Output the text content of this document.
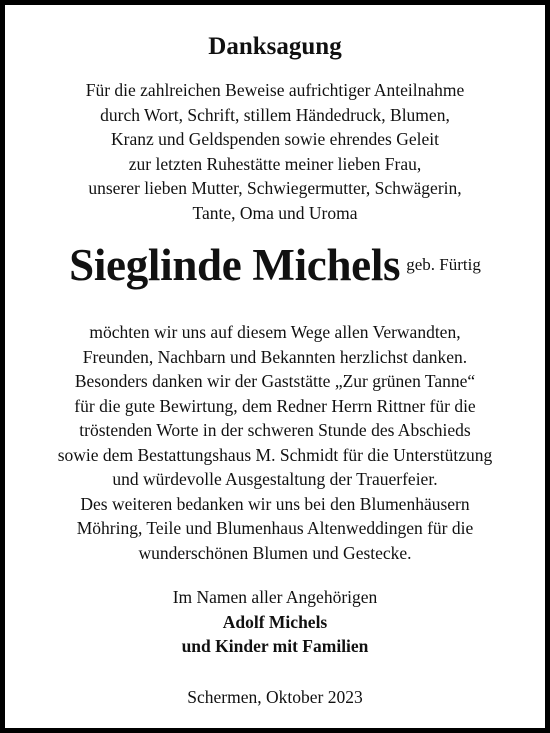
Danksagung
Für die zahlreichen Beweise aufrichtiger Anteilnahme
durch Wort, Schrift, stillem Händedruck, Blumen,
Kranz und Geldspenden sowie ehrendes Geleit
zur letzten Ruhestätte meiner lieben Frau,
unserer lieben Mutter, Schwiegermutter, Schwägerin,
Tante, Oma und Uroma
Sieglinde Michels geb. Fürtig
möchten wir uns auf diesem Wege allen Verwandten,
Freunden, Nachbarn und Bekannten herzlichst danken.
Besonders danken wir der Gaststätte „Zur grünen Tanne“
für die gute Bewirtung, dem Redner Herrn Rittner für die
tröstenden Worte in der schweren Stunde des Abschieds
sowie dem Bestattungshaus M. Schmidt für die Unterstützung
und würdevolle Ausgestaltung der Trauerfeier.
Des weiteren bedanken wir uns bei den Blumenhäusern
Möhring, Teile und Blumenhaus Altenweddingen für die
wunderschönen Blumen und Gestecke.
Im Namen aller Angehörigen
Adolf Michels
und Kinder mit Familien
Schermen, Oktober 2023
